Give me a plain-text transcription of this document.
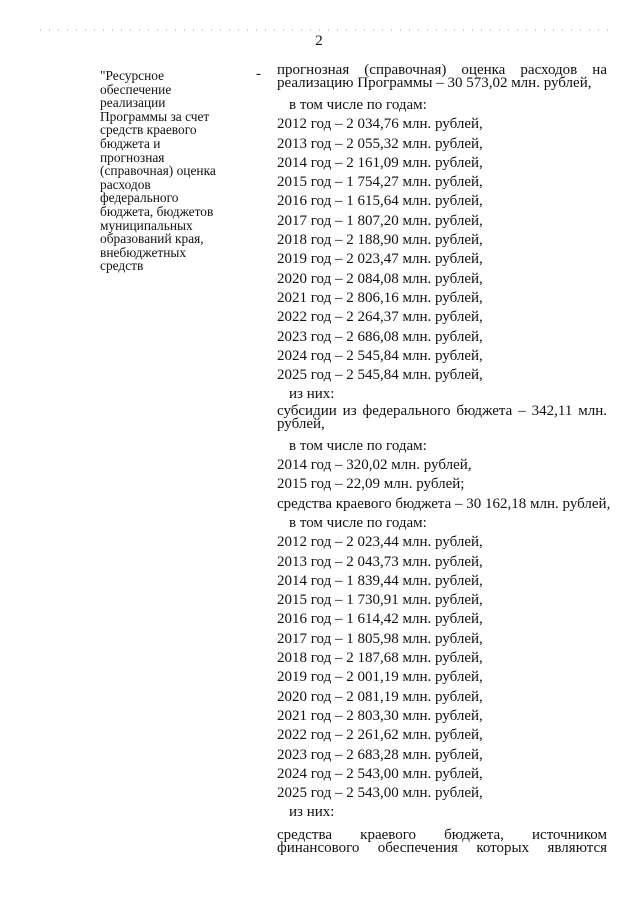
2
"Ресурсное
обеспечение
реализации
Программы за счет
средств краевого
бюджета и
прогнозная
(справочная) оценка
расходов
федерального
бюджета, бюджетов
муниципальных
образований края,
внебюджетных
средств
- прогнозная (справочная) оценка расходов на
реализацию Программы – 30 573,02 млн. рублей,
в том числе по годам:
2012 год – 2 034,76 млн. рублей,
2013 год – 2 055,32 млн. рублей,
2014 год – 2 161,09 млн. рублей,
2015 год – 1 754,27 млн. рублей,
2016 год – 1 615,64 млн. рублей,
2017 год – 1 807,20 млн. рублей,
2018 год – 2 188,90 млн. рублей,
2019 год – 2 023,47 млн. рублей,
2020 год – 2 084,08 млн. рублей,
2021 год – 2 806,16 млн. рублей,
2022 год – 2 264,37 млн. рублей,
2023 год – 2 686,08 млн. рублей,
2024 год – 2 545,84 млн. рублей,
2025 год – 2 545,84 млн. рублей,
из них:
субсидии из федерального бюджета – 342,11 млн.
рублей,
в том числе по годам:
2014 год – 320,02 млн. рублей,
2015 год – 22,09 млн. рублей;
средства краевого бюджета – 30 162,18 млн. рублей,
в том числе по годам:
2012 год – 2 023,44 млн. рублей,
2013 год – 2 043,73 млн. рублей,
2014 год – 1 839,44 млн. рублей,
2015 год – 1 730,91 млн. рублей,
2016 год – 1 614,42 млн. рублей,
2017 год – 1 805,98 млн. рублей,
2018 год – 2 187,68 млн. рублей,
2019 год – 2 001,19 млн. рублей,
2020 год – 2 081,19 млн. рублей,
2021 год – 2 803,30 млн. рублей,
2022 год – 2 261,62 млн. рублей,
2023 год – 2 683,28 млн. рублей,
2024 год – 2 543,00 млн. рублей,
2025 год – 2 543,00 млн. рублей,
из них:
средства краевого бюджета, источником
финансового обеспечения которых являются
